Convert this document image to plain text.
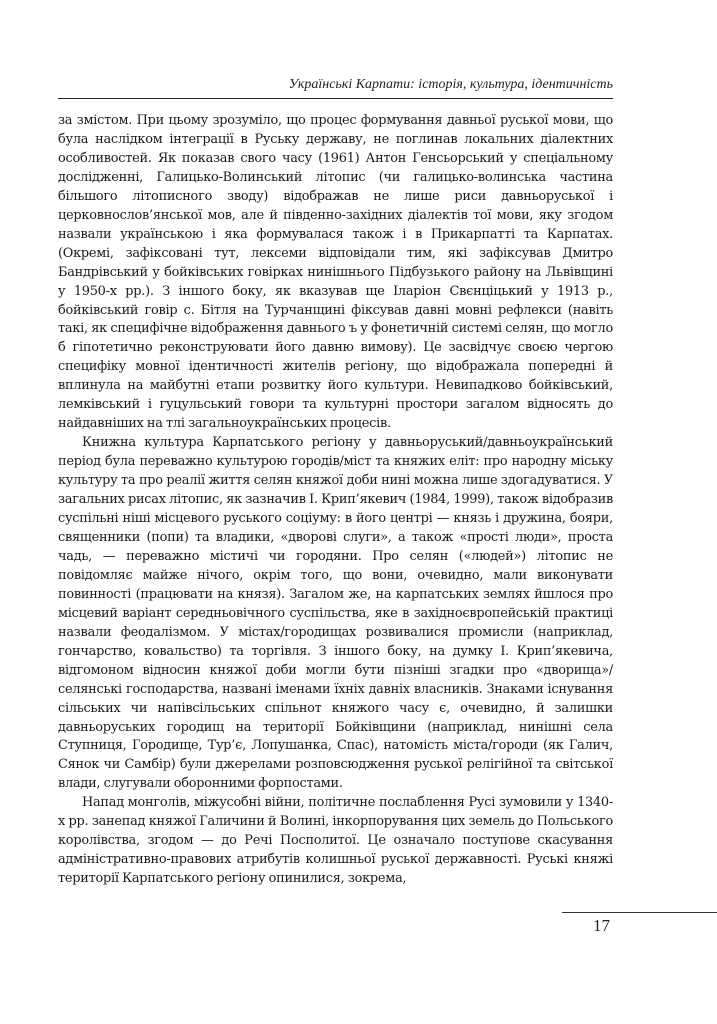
Українські Карпати: історія, культура, ідентичність

за змістом. При цьому зрозуміло, що процес формування давньої руської мови, що була наслідком інтеграції в Руську державу, не поглинав локальних діалектних особливостей. Як показав свого часу (1961) Антон Генсьорський у спеціальному дослідженні, Галицько-Волинський літопис (чи галицько-волинська частина більшого літописного зводу) відображав не лише риси давньоруської і церковнослов’янської мов, але й південно-західних діалектів тої мови, яку згодом назвали українською і яка формувалася також і в Прикарпатті та Карпатах. (Окремі, зафіксовані тут, лексеми відповідали тим, які зафіксував Дмитро Бандрівський у бойківських говірках нинішнього Підбузького району на Львівщині у 1950-х рр.). З іншого боку, як вказував ще Іларіон Свєнціцький у 1913 р., бойківський говір с. Бітля на Турчанщині фіксував давні мовні рефлекси (навіть такі, як специфічне відображення давнього ъ у фонетичній системі селян, що могло б гіпотетично реконструювати його давню вимову). Це засвідчує своєю чергою специфіку мовної ідентичності жителів регіону, що відображала попередні й вплинула на майбутні етапи розвитку його культури. Невипадково бойківський, лемківський і гуцульський говори та культурні простори загалом відносять до найдавніших на тлі загальноукраїнських процесів.

Книжна культура Карпатського регіону у давньоруський/давньоукраїнський період була переважно культурою городів/міст та княжих еліт: про народну міську культуру та про реалії життя селян княжої доби нині можна лише здогадуватися. У загальних рисах літопис, як зазначив І. Крип’якевич (1984, 1999), також відобразив суспільні ніші місцевого руського соціуму: в його центрі — князь і дружина, бояри, священники (попи) та владики, «дворові слуги», а також «прості люди», проста чадь, — переважно містичі чи городяни. Про селян («людей») літопис не повідомляє майже нічого, окрім того, що вони, очевидно, мали виконувати повинності (працювати на князя). Загалом же, на карпатських землях йшлося про місцевий варіант середньовічного суспільства, яке в західноєвропейській практиці назвали феодалізмом. У містах/городищах розвивалися промисли (наприклад, гончарство, ковальство) та торгівля. З іншого боку, на думку І. Крип’якевича, відгомоном відносин княжої доби могли бути пізніші згадки про «дворища»/селянські господарства, названі іменами їхніх давніх власників. Знаками існування сільських чи напівсільських спільнот княжого часу є, очевидно, й залишки давньоруських городищ на території Бойківщини (наприклад, нинішні села Ступниця, Городище, Тур’є, Лопушанка, Спас), натомість міста/городи (як Галич, Сянок чи Самбір) були джерелами розповсюдження руської релігійної та світської влади, слугували оборонними форпостами.

Напад монголів, міжусобні війни, політичне послаблення Русі зумовили у 1340-х рр. занепад княжої Галичини й Волині, інкорпорування цих земель до Польського королівства, згодом — до Речі Посполитої. Це означало поступове скасування адміністративно-правових атрибутів колишньої руської державності. Руські княжі території Карпатського регіону опинилися, зокрема,

17
